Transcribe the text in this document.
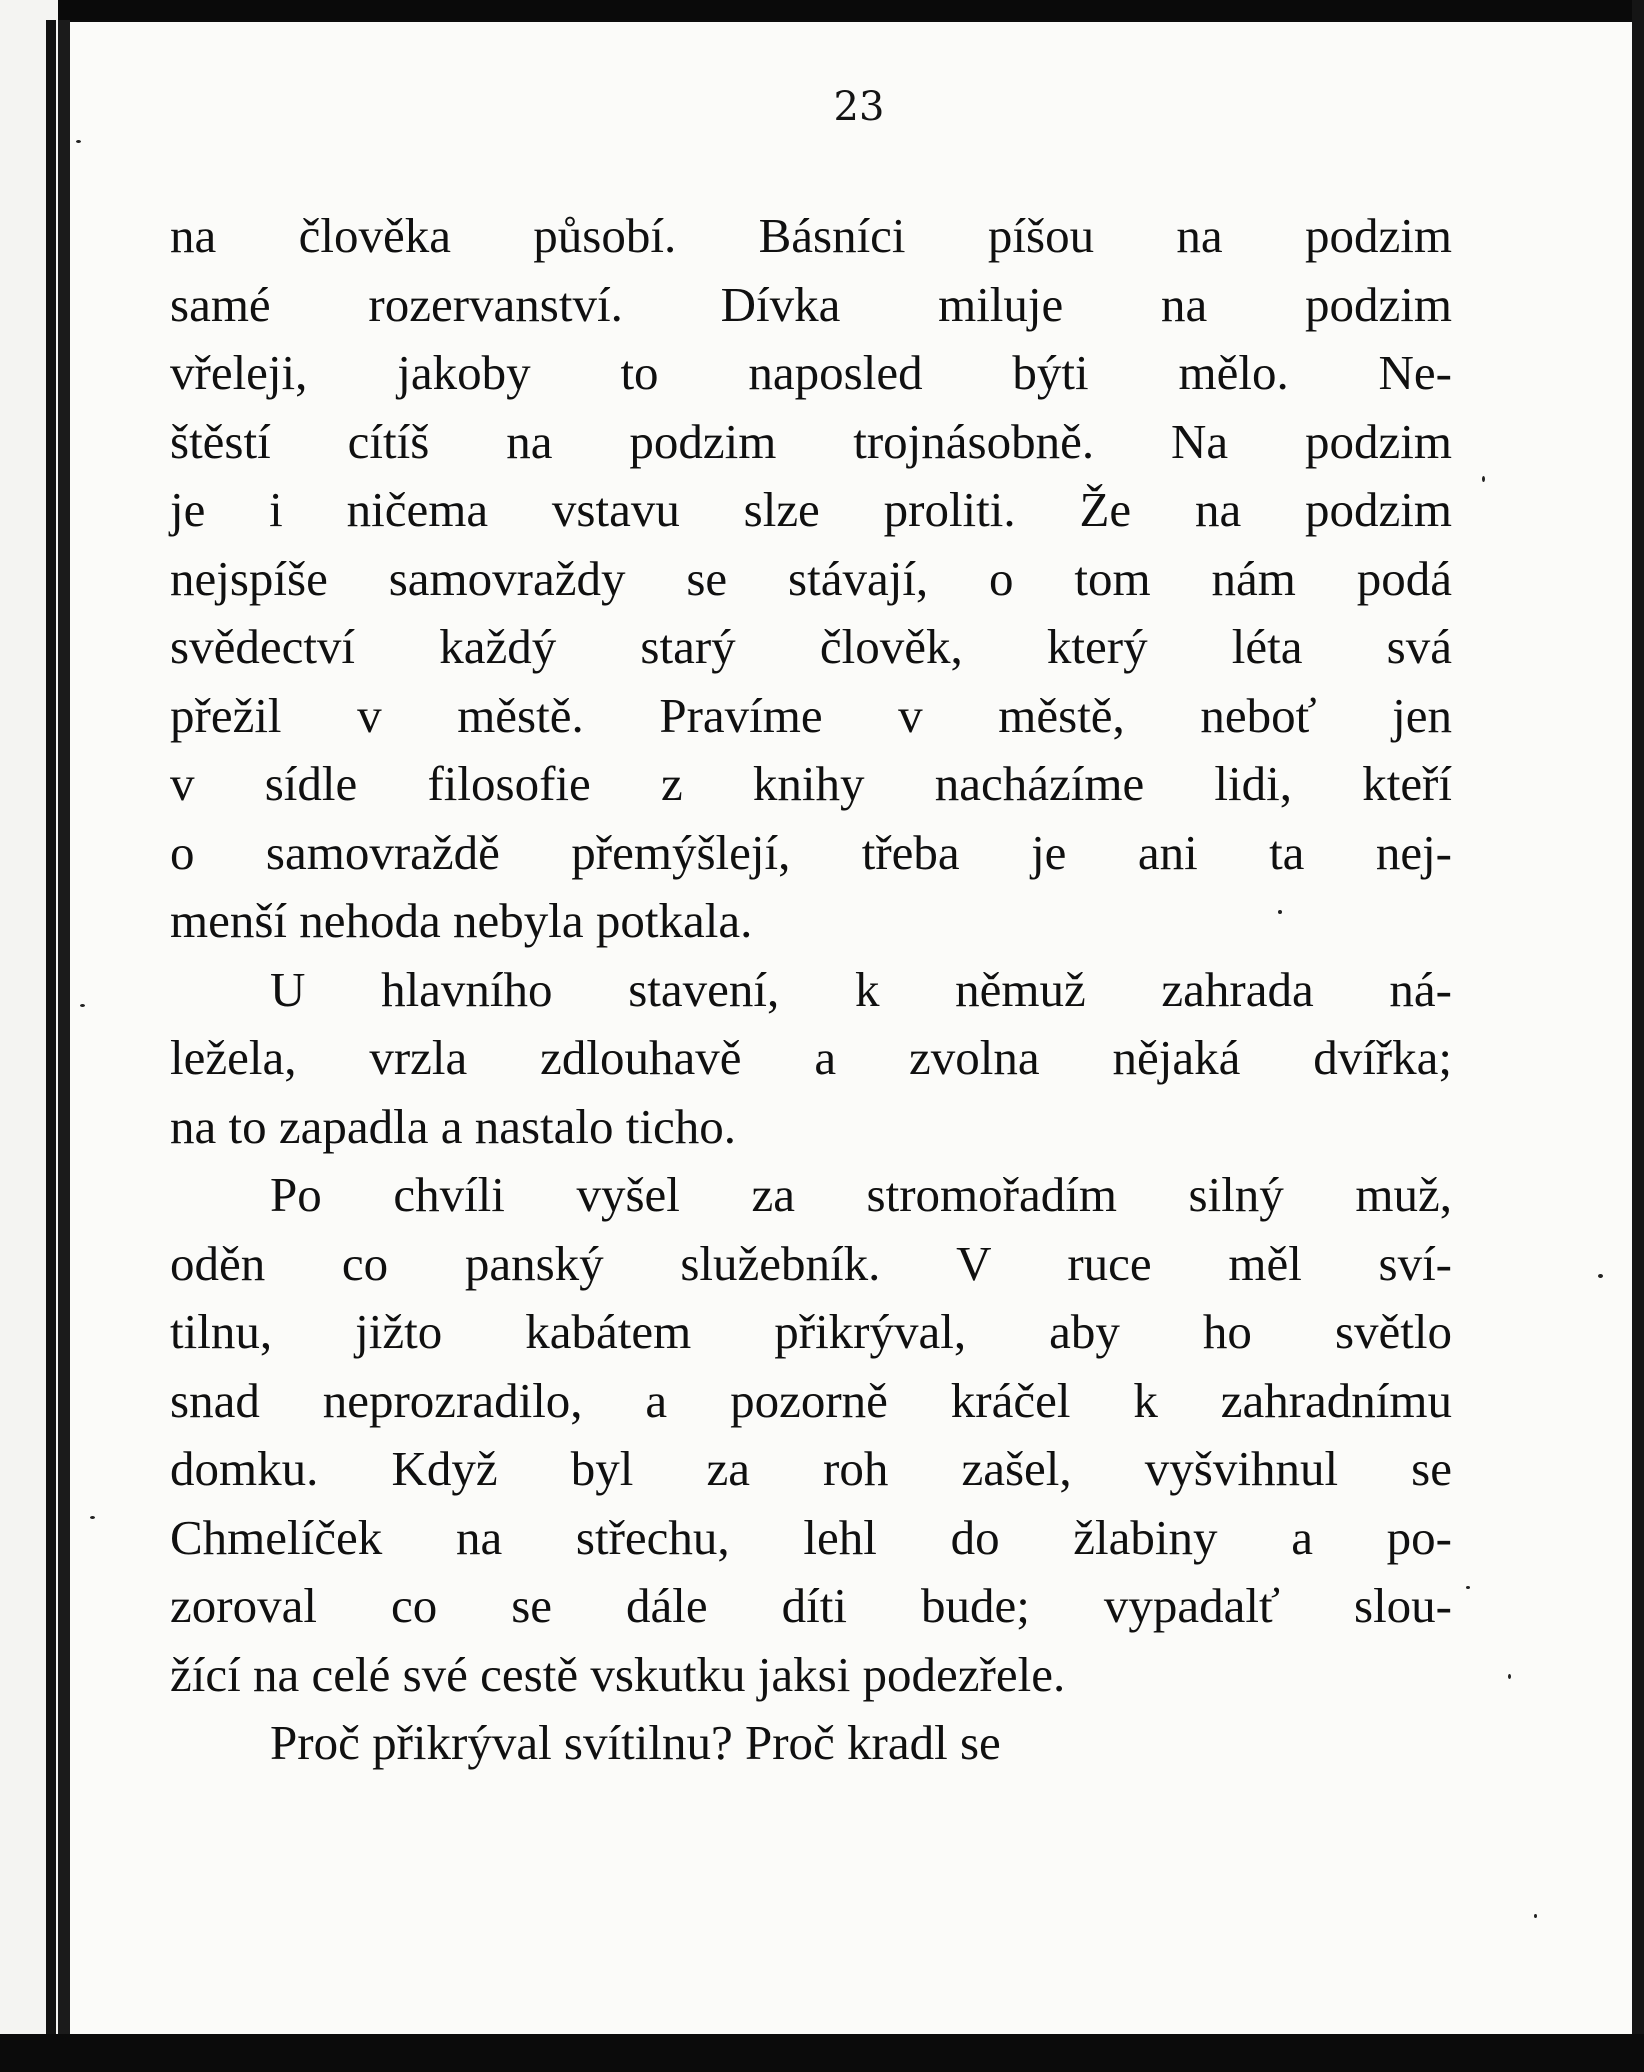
23
na člověka působí. Básníci píšou na podzim
samé rozervanství. Dívka miluje na podzim
vřeleji, jakoby to naposled býti mělo. Ne-
štěstí cítíš na podzim trojnásobně. Na podzim
je i ničema vstavu slze proliti. Že na podzim
nejspíše samovraždy se stávají, o tom nám podá
svědectví každý starý člověk, který léta svá
přežil v městě. Pravíme v městě, neboť jen
v sídle filosofie z knihy nacházíme lidi, kteří
o samovraždě přemýšlejí, třeba je ani ta nej-
menší nehoda nebyla potkala.
U hlavního stavení, k němuž zahrada ná-
ležela, vrzla zdlouhavě a zvolna nějaká dvířka;
na to zapadla a nastalo ticho.
Po chvíli vyšel za stromořadím silný muž,
oděn co panský služebník. V ruce měl sví-
tilnu, jižto kabátem přikrýval, aby ho světlo
snad neprozradilo, a pozorně kráčel k zahradnímu
domku. Když byl za roh zašel, vyšvihnul se
Chmelíček na střechu, lehl do žlabiny a po-
zoroval co se dále díti bude; vypadalť slou-
žící na celé své cestě vskutku jaksi podezřele.
Proč přikrýval svítilnu? Proč kradl se
